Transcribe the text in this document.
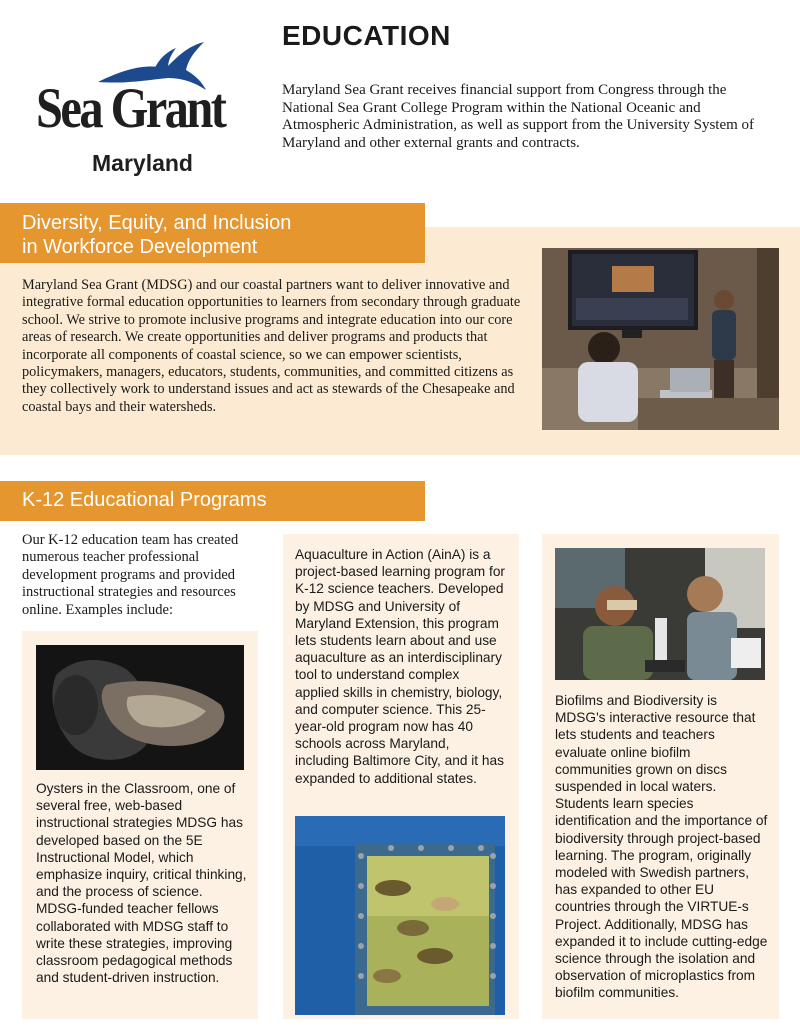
Sea Grant
Maryland
EDUCATION
Maryland Sea Grant receives financial support from Congress through the National Sea Grant College Program within the National Oceanic and Atmospheric Administration, as well as support from the University System of Maryland and other external grants and contracts.
Diversity, Equity, and Inclusion
in Workforce Development
Maryland Sea Grant (MDSG) and our coastal partners want to deliver innovative and integrative formal education opportunities to learners from secondary through graduate school. We strive to promote inclusive programs and integrate education into our core areas of research. We create opportunities and deliver programs and products that incorporate all components of coastal science, so we can empower scientists, policymakers, managers, educators, students, communities, and committed citizens as they collectively work to understand issues and act as stewards of the Chesapeake and coastal bays and their watersheds.
K-12 Educational Programs
Our K-12 education team has created numerous teacher professional development programs and provided instructional strategies and resources online. Examples include:
Oysters in the Classroom, one of several free, web-based instructional strategies MDSG has developed based on the 5E Instructional Model, which emphasize inquiry, critical thinking, and the process of science. MDSG-funded teacher fellows collaborated with MDSG staff to write these strategies, improving classroom pedagogical methods and student-driven instruction.
Aquaculture in Action (AinA) is a project-based learning program for K-12 science teachers. Developed by MDSG and University of Maryland Extension, this program lets students learn about and use aquaculture as an interdisciplinary tool to understand complex applied skills in chemistry, biology, and computer science. This 25-year-old program now has 40 schools across Maryland, including Baltimore City, and it has expanded to additional states.
Biofilms and Biodiversity is MDSG's interactive resource that lets students and teachers evaluate online biofilm communities grown on discs suspended in local waters. Students learn species identification and the importance of biodiversity through project-based learning. The program, originally modeled with Swedish partners, has expanded to other EU countries through the VIRTUE-s Project. Additionally, MDSG has expanded it to include cutting-edge science through the isolation and observation of microplastics from biofilm communities.
